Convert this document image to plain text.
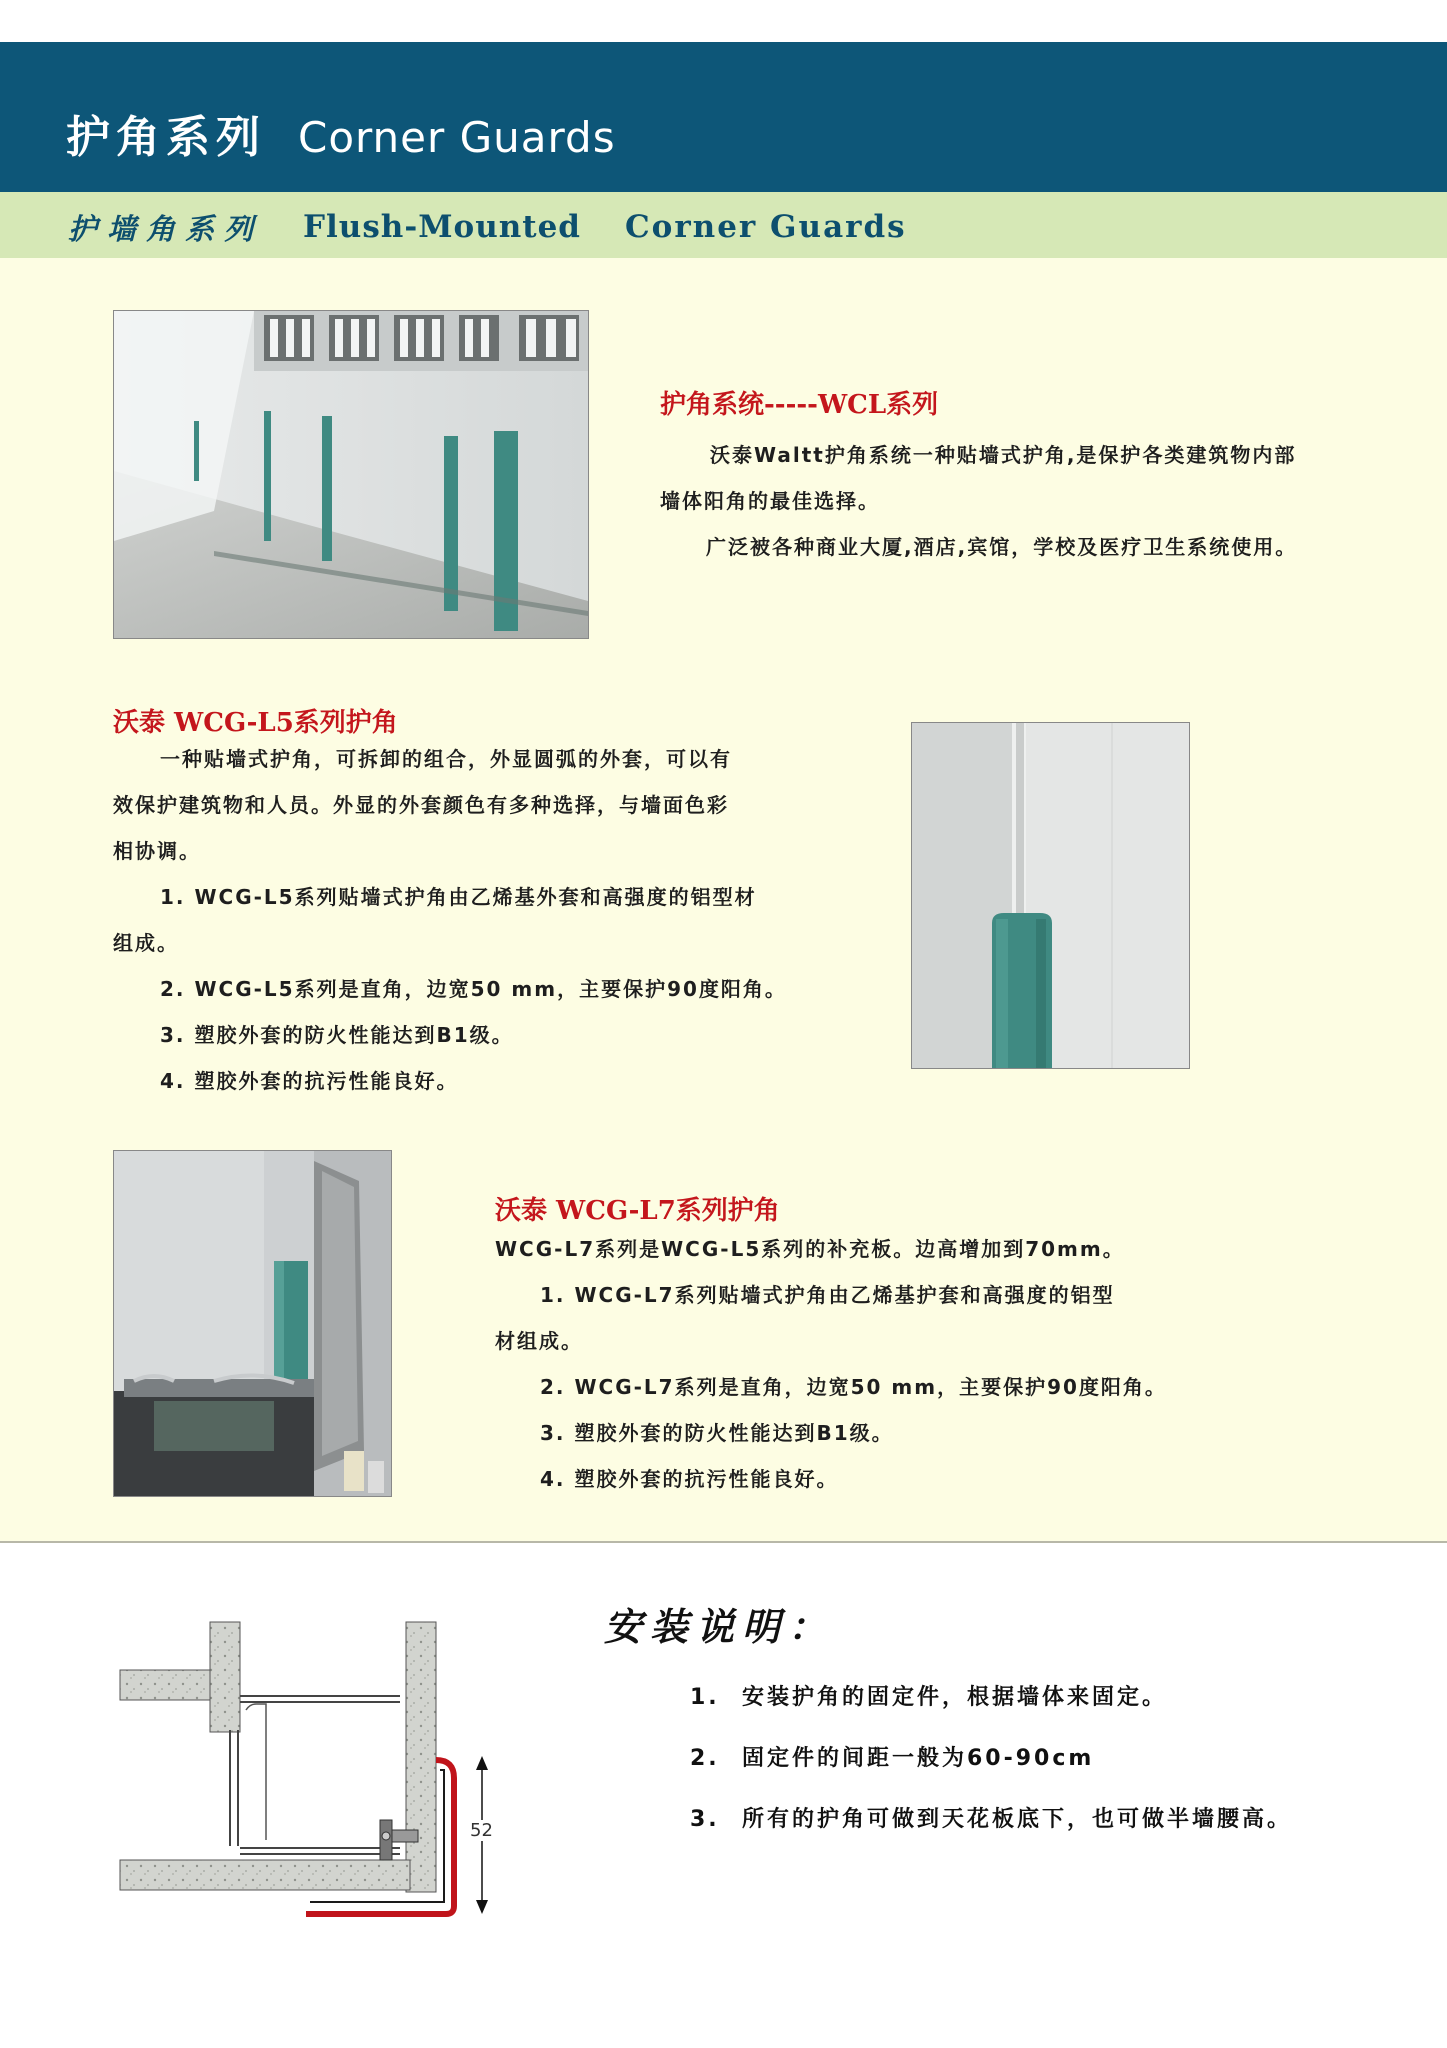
护角系列 Corner Guards
护墙角系列 Flush-Mounted Corner Guards
护角系统-----WCL系列
沃泰Waltt护角系统一种贴墙式护角,是保护各类建筑物内部
墙体阳角的最佳选择。
广泛被各种商业大厦,酒店,宾馆，学校及医疗卫生系统使用。
沃泰 WCG-L5系列护角
一种贴墙式护角，可拆卸的组合，外显圆弧的外套，可以有
效保护建筑物和人员。外显的外套颜色有多种选择，与墙面色彩
相协调。
1. WCG-L5系列贴墙式护角由乙烯基外套和高强度的铝型材
组成。
2. WCG-L5系列是直角，边宽50 mm，主要保护90度阳角。
3. 塑胶外套的防火性能达到B1级。
4. 塑胶外套的抗污性能良好。
沃泰 WCG-L7系列护角
WCG-L7系列是WCG-L5系列的补充板。边高增加到70mm。
1. WCG-L7系列贴墙式护角由乙烯基护套和高强度的铝型
材组成。
2. WCG-L7系列是直角，边宽50 mm，主要保护90度阳角。
3. 塑胶外套的防火性能达到B1级。
4. 塑胶外套的抗污性能良好。
52
安装说明：
1. 安装护角的固定件，根据墙体来固定。
2. 固定件的间距一般为60-90cm
3. 所有的护角可做到天花板底下，也可做半墙腰高。
